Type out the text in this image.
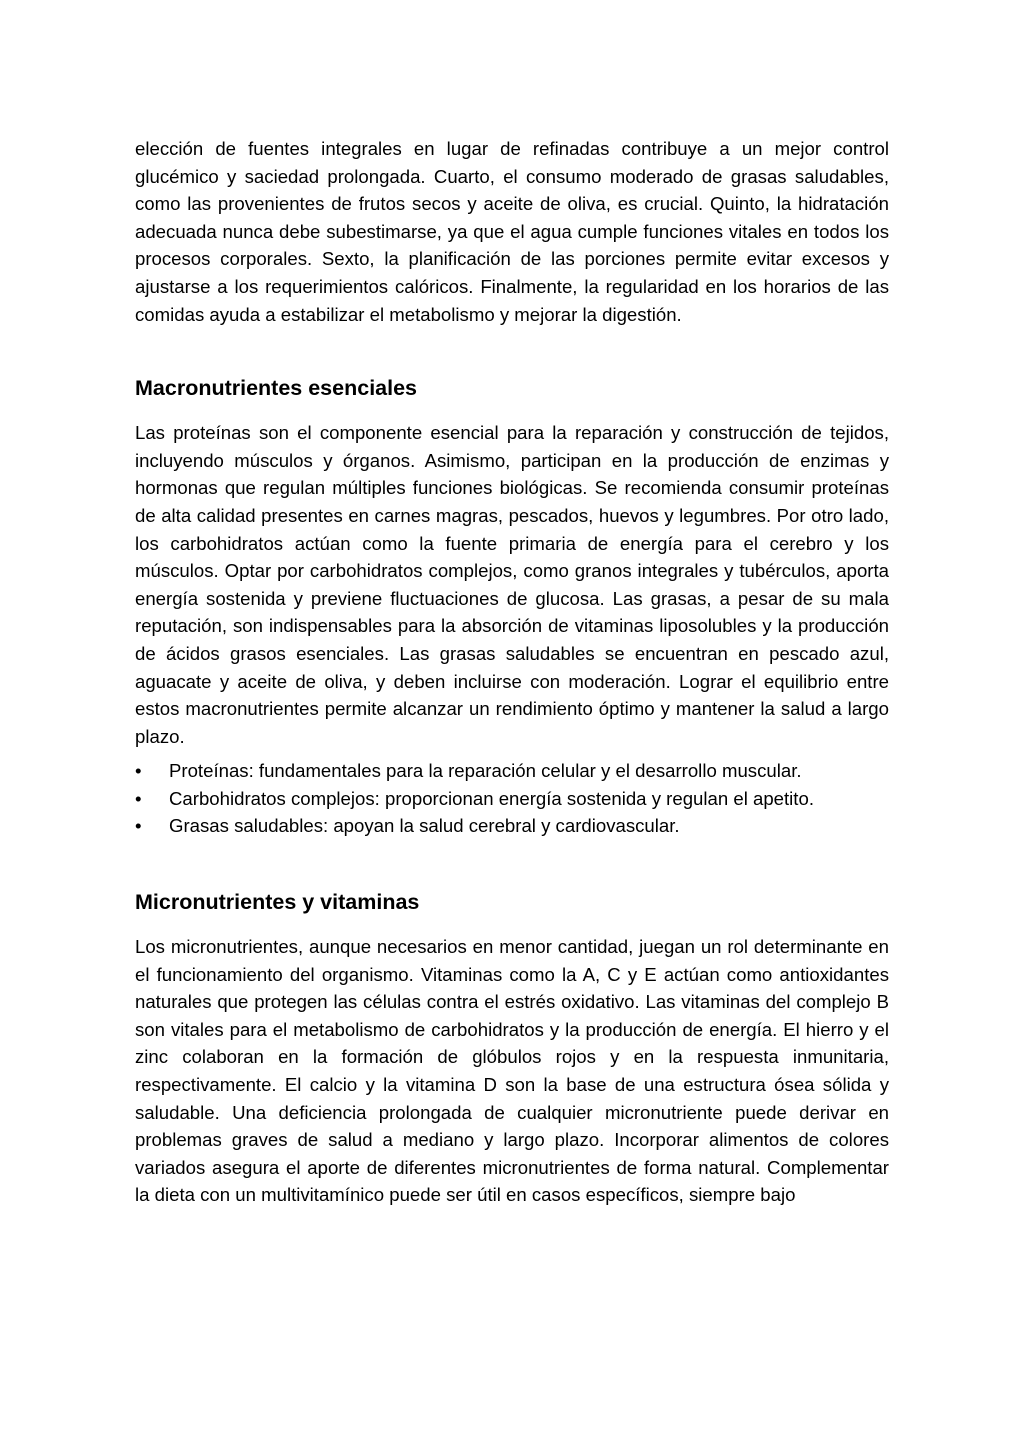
elección de fuentes integrales en lugar de refinadas contribuye a un mejor control glucémico y saciedad prolongada. Cuarto, el consumo moderado de grasas saludables, como las provenientes de frutos secos y aceite de oliva, es crucial. Quinto, la hidratación adecuada nunca debe subestimarse, ya que el agua cumple funciones vitales en todos los procesos corporales. Sexto, la planificación de las porciones permite evitar excesos y ajustarse a los requerimientos calóricos. Finalmente, la regularidad en los horarios de las comidas ayuda a estabilizar el metabolismo y mejorar la digestión.

Macronutrientes esenciales

Las proteínas son el componente esencial para la reparación y construcción de tejidos, incluyendo músculos y órganos. Asimismo, participan en la producción de enzimas y hormonas que regulan múltiples funciones biológicas. Se recomienda consumir proteínas de alta calidad presentes en carnes magras, pescados, huevos y legumbres. Por otro lado, los carbohidratos actúan como la fuente primaria de energía para el cerebro y los músculos. Optar por carbohidratos complejos, como granos integrales y tubérculos, aporta energía sostenida y previene fluctuaciones de glucosa. Las grasas, a pesar de su mala reputación, son indispensables para la absorción de vitaminas liposolubles y la producción de ácidos grasos esenciales. Las grasas saludables se encuentran en pescado azul, aguacate y aceite de oliva, y deben incluirse con moderación. Lograr el equilibrio entre estos macronutrientes permite alcanzar un rendimiento óptimo y mantener la salud a largo plazo.

• Proteínas: fundamentales para la reparación celular y el desarrollo muscular.
• Carbohidratos complejos: proporcionan energía sostenida y regulan el apetito.
• Grasas saludables: apoyan la salud cerebral y cardiovascular.
Micronutrientes y vitaminas

Los micronutrientes, aunque necesarios en menor cantidad, juegan un rol determinante en el funcionamiento del organismo. Vitaminas como la A, C y E actúan como antioxidantes naturales que protegen las células contra el estrés oxidativo. Las vitaminas del complejo B son vitales para el metabolismo de carbohidratos y la producción de energía. El hierro y el zinc colaboran en la formación de glóbulos rojos y en la respuesta inmunitaria, respectivamente. El calcio y la vitamina D son la base de una estructura ósea sólida y saludable. Una deficiencia prolongada de cualquier micronutriente puede derivar en problemas graves de salud a mediano y largo plazo. Incorporar alimentos de colores variados asegura el aporte de diferentes micronutrientes de forma natural. Complementar la dieta con un multivitamínico puede ser útil en casos específicos, siempre bajo
